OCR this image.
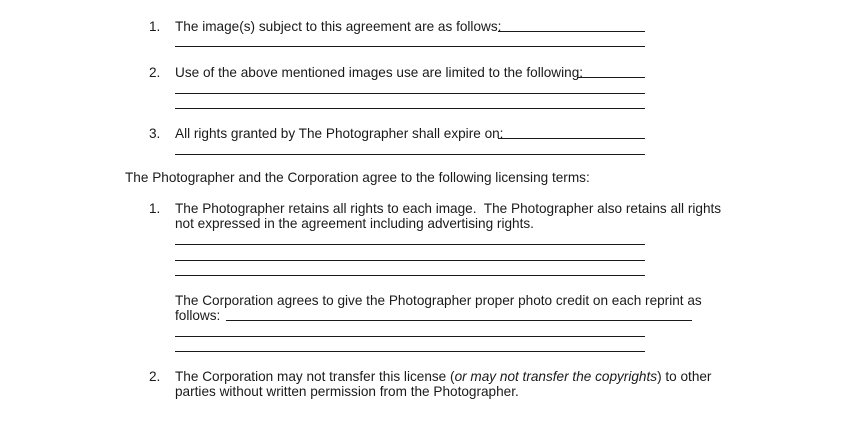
1. The image(s) subject to this agreement are as follows:
2. Use of the above mentioned images use are limited to the following:
3. All rights granted by The Photographer shall expire on:
The Photographer and the Corporation agree to the following licensing terms:
1. The Photographer retains all rights to each image.  The Photographer also retains all rights
not expressed in the agreement including advertising rights.
The Corporation agrees to give the Photographer proper photo credit on each reprint as
follows:
2. The Corporation may not transfer this license (or may not transfer the copyrights) to other
parties without written permission from the Photographer.
